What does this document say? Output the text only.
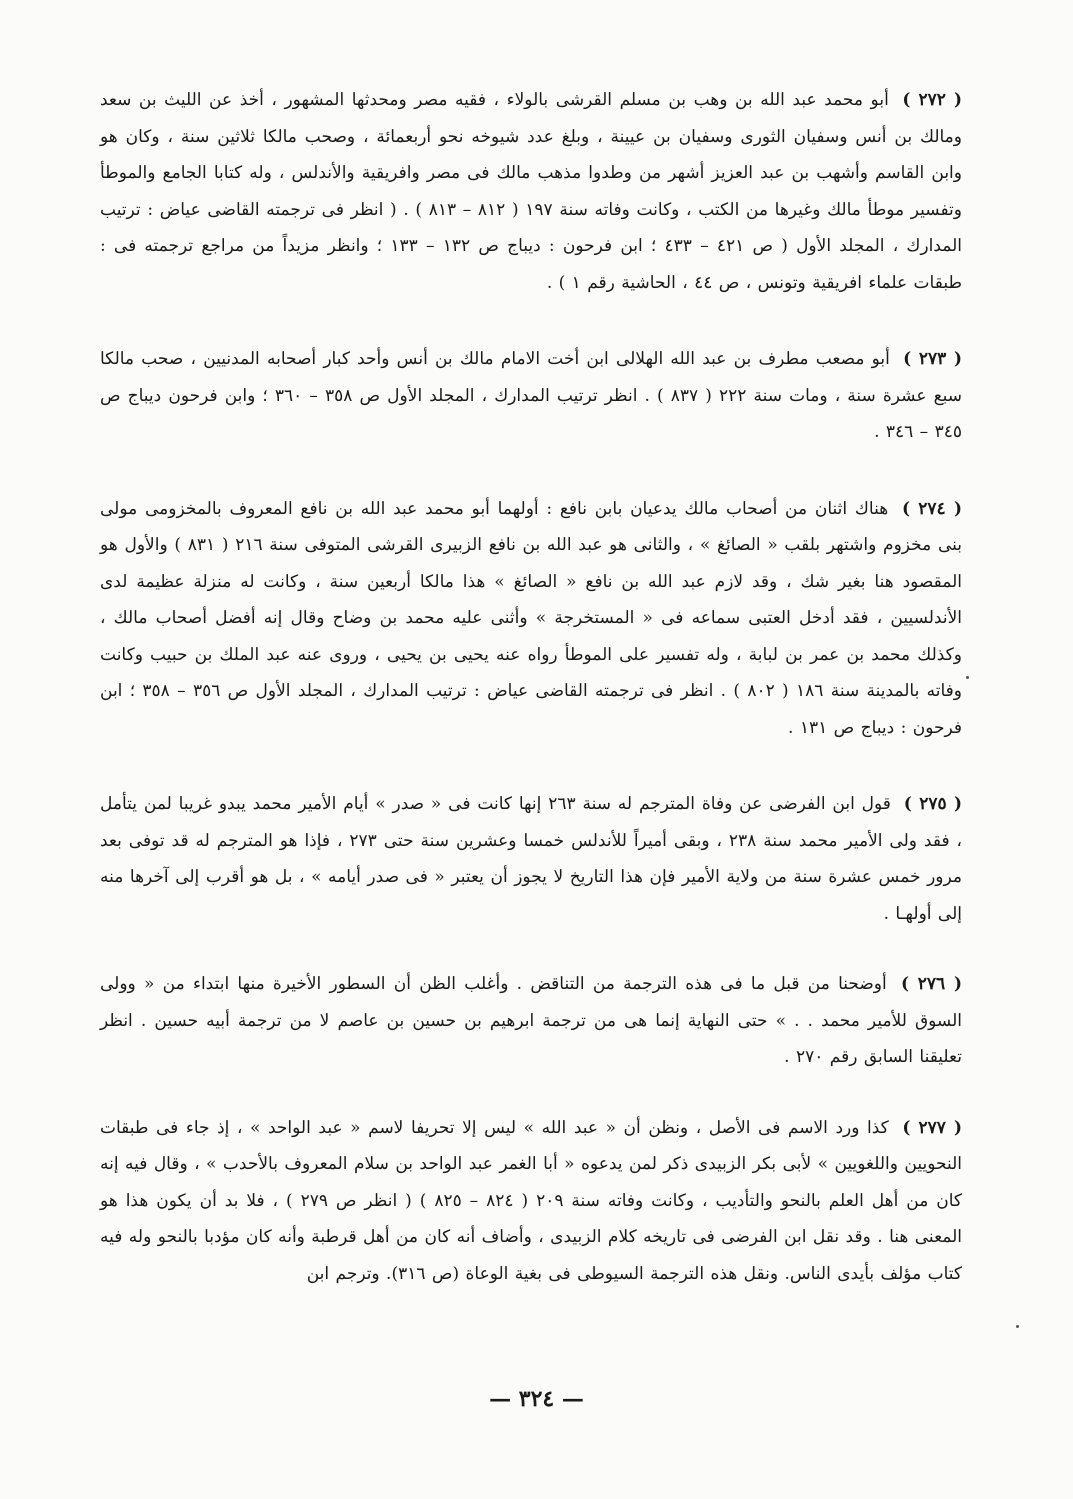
( ٢٧٢ ) أبو محمد عبد الله بن وهب بن مسلم القرشى بالولاء ، فقيه مصر ومحدثها المشهور ، أخذ عن الليث بن سعد ومالك بن أنس وسفيان الثورى وسفيان بن عيينة ، وبلغ عدد شيوخه نحو أربعمائة ، وصحب مالكا ثلاثين سنة ، وكان هو وابن القاسم وأشهب بن عبد العزيز أشهر من وطدوا مذهب مالك فى مصر وافريقية والأندلس ، وله كتابا الجامع والموطأ وتفسير موطأ مالك وغيرها من الكتب ، وكانت وفاته سنة ١٩٧ ( ٨١٢ – ٨١٣ ) . ( انظر فى ترجمته القاضى عياض : ترتيب المدارك ، المجلد الأول ( ص ٤٢١ – ٤٣٣ ؛ ابن فرحون : ديباج ص ١٣٢ – ١٣٣ ؛ وانظر مزيداً من مراجع ترجمته فى : طبقات علماء افريقية وتونس ، ص ٤٤ ، الحاشية رقم ١ ) .

( ٢٧٣ ) أبو مصعب مطرف بن عبد الله الهلالى ابن أخت الامام مالك بن أنس وأحد كبار أصحابه المدنيين ، صحب مالكا سبع عشرة سنة ، ومات سنة ٢٢٢ ( ٨٣٧ ) . انظر ترتيب المدارك ، المجلد الأول ص ٣٥٨ – ٣٦٠ ؛ وابن فرحون ديباج ص ٣٤٥ – ٣٤٦ .

( ٢٧٤ ) هناك اثنان من أصحاب مالك يدعيان بابن نافع : أولهما أبو محمد عبد الله بن نافع المعروف بالمخزومى مولى بنى مخزوم واشتهر بلقب « الصائغ » ، والثانى هو عبد الله بن نافع الزبيرى القرشى المتوفى سنة ٢١٦ ( ٨٣١ ) والأول هو المقصود هنا بغير شك ، وقد لازم عبد الله بن نافع « الصائغ » هذا مالكا أربعين سنة ، وكانت له منزلة عظيمة لدى الأندلسيين ، فقد أدخل العتبى سماعه فى « المستخرجة » وأثنى عليه محمد بن وضاح وقال إنه أفضل أصحاب مالك ، وكذلك محمد بن عمر بن لبابة ، وله تفسير على الموطأ رواه عنه يحيى بن يحيى ، وروى عنه عبد الملك بن حبيب وكانت وفاته بالمدينة سنة ١٨٦ ( ٨٠٢ ) . انظر فى ترجمته القاضى عياض : ترتيب المدارك ، المجلد الأول ص ٣٥٦ – ٣٥٨ ؛ ابن فرحون : ديباج ص ١٣١ .

( ٢٧٥ ) قول ابن الفرضى عن وفاة المترجم له سنة ٢٦٣ إنها كانت فى « صدر » أيام الأمير محمد يبدو غريبا لمن يتأمل ، فقد ولى الأمير محمد سنة ٢٣٨ ، وبقى أميراً للأندلس خمسا وعشرين سنة حتى ٢٧٣ ، فإذا هو المترجم له قد توفى بعد مرور خمس عشرة سنة من ولاية الأمير فإن هذا التاريخ لا يجوز أن يعتبر « فى صدر أيامه » ، بل هو أقرب إلى آخرها منه إلى أولهـا .

( ٢٧٦ ) أوضحنا من قبل ما فى هذه الترجمة من التناقض . وأغلب الظن أن السطور الأخيرة منها ابتداء من « وولى السوق للأمير محمد . . » حتى النهاية إنما هى من ترجمة ابرهيم بن حسين بن عاصم لا من ترجمة أبيه حسين . انظر تعليقنا السابق رقم ٢٧٠ .

( ٢٧٧ ) كذا ورد الاسم فى الأصل ، ونظن أن « عبد الله » ليس إلا تحريفا لاسم « عبد الواحد » ، إذ جاء فى طبقات النحويين واللغويين » لأبى بكر الزبيدى ذكر لمن يدعوه « أبا الغمر عبد الواحد بن سلام المعروف بالأحدب » ، وقال فيه إنه كان من أهل العلم بالنحو والتأديب ، وكانت وفاته سنة ٢٠٩ ( ٨٢٤ – ٨٢٥ ) ( انظر ص ٢٧٩ ) ، فلا بد أن يكون هذا هو المعنى هنا . وقد نقل ابن الفرضى فى تاريخه كلام الزبيدى ، وأضاف أنه كان من أهل قرطبة وأنه كان مؤدبا بالنحو وله فيه كتاب مؤلف بأيدى الناس. ونقل هذه الترجمة السيوطى فى بغية الوعاة (ص ٣١٦). وترجم ابن

— ٣٢٤ —
